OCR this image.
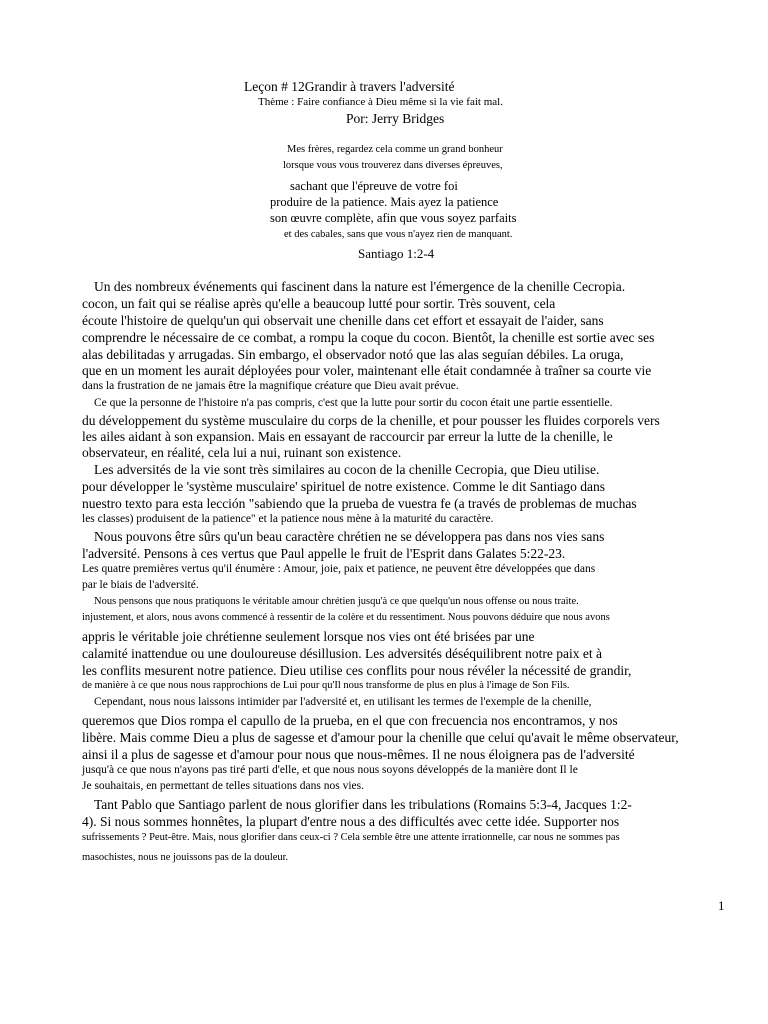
Leçon # 12Grandir à travers l'adversité
Thème : Faire confiance à Dieu même si la vie fait mal.
Por: Jerry Bridges
Mes frères, regardez cela comme un grand bonheur
lorsque vous vous trouverez dans diverses épreuves,
sachant que l'épreuve de votre foi
produire de la patience. Mais ayez la patience
son œuvre complète, afin que vous soyez parfaits
et des cabales, sans que vous n'ayez rien de manquant.
Santiago 1:2-4
Un des nombreux événements qui fascinent dans la nature est l'émergence de la chenille Cecropia.
cocon, un fait qui se réalise après qu'elle a beaucoup lutté pour sortir. Très souvent, cela
écoute l'histoire de quelqu'un qui observait une chenille dans cet effort et essayait de l'aider, sans
comprendre le nécessaire de ce combat, a rompu la coque du cocon. Bientôt, la chenille est sortie avec ses
alas debilitadas y arrugadas. Sin embargo, el observador notó que las alas seguían débiles. La oruga,
que en un moment les aurait déployées pour voler, maintenant elle était condamnée à traîner sa courte vie
dans la frustration de ne jamais être la magnifique créature que Dieu avait prévue.
Ce que la personne de l'histoire n'a pas compris, c'est que la lutte pour sortir du cocon était une partie essentielle.
du développement du système musculaire du corps de la chenille, et pour pousser les fluides corporels vers
les ailes aidant à son expansion. Mais en essayant de raccourcir par erreur la lutte de la chenille, le
observateur, en réalité, cela lui a nui, ruinant son existence.
Les adversités de la vie sont très similaires au cocon de la chenille Cecropia, que Dieu utilise.
pour développer le 'système musculaire' spirituel de notre existence. Comme le dit Santiago dans
nuestro texto para esta lección "sabiendo que la prueba de vuestra fe (a través de problemas de muchas
les classes) produisent de la patience" et la patience nous mène à la maturité du caractère.
Nous pouvons être sûrs qu'un beau caractère chrétien ne se développera pas dans nos vies sans
l'adversité. Pensons à ces vertus que Paul appelle le fruit de l'Esprit dans Galates 5:22-23.
Les quatre premières vertus qu'il énumère : Amour, joie, paix et patience, ne peuvent être développées que dans
par le biais de l'adversité.
Nous pensons que nous pratiquons le véritable amour chrétien jusqu'à ce que quelqu'un nous offense ou nous traite.
injustement, et alors, nous avons commencé à ressentir de la colère et du ressentiment. Nous pouvons déduire que nous avons
appris le véritable joie chrétienne seulement lorsque nos vies ont été brisées par une
calamité inattendue ou une douloureuse désillusion. Les adversités déséquilibrent notre paix et à
les conflits mesurent notre patience. Dieu utilise ces conflits pour nous révéler la nécessité de grandir,
de manière à ce que nous nous rapprochions de Lui pour qu'Il nous transforme de plus en plus à l'image de Son Fils.
Cependant, nous nous laissons intimider par l'adversité et, en utilisant les termes de l'exemple de la chenille,
queremos que Dios rompa el capullo de la prueba, en el que con frecuencia nos encontramos, y nos
libère. Mais comme Dieu a plus de sagesse et d'amour pour la chenille que celui qu'avait le même observateur,
ainsi il a plus de sagesse et d'amour pour nous que nous-mêmes. Il ne nous éloignera pas de l'adversité
jusqu'à ce que nous n'ayons pas tiré parti d'elle, et que nous nous soyons développés de la manière dont Il le
Je souhaitais, en permettant de telles situations dans nos vies.
Tant Pablo que Santiago parlent de nous glorifier dans les tribulations (Romains 5:3-4, Jacques 1:2-
4). Si nous sommes honnêtes, la plupart d'entre nous a des difficultés avec cette idée. Supporter nos
sufrissements ? Peut-être. Mais, nous glorifier dans ceux-ci ? Cela semble être une attente irrationnelle, car nous ne sommes pas
masochistes, nous ne jouissons pas de la douleur.
1
